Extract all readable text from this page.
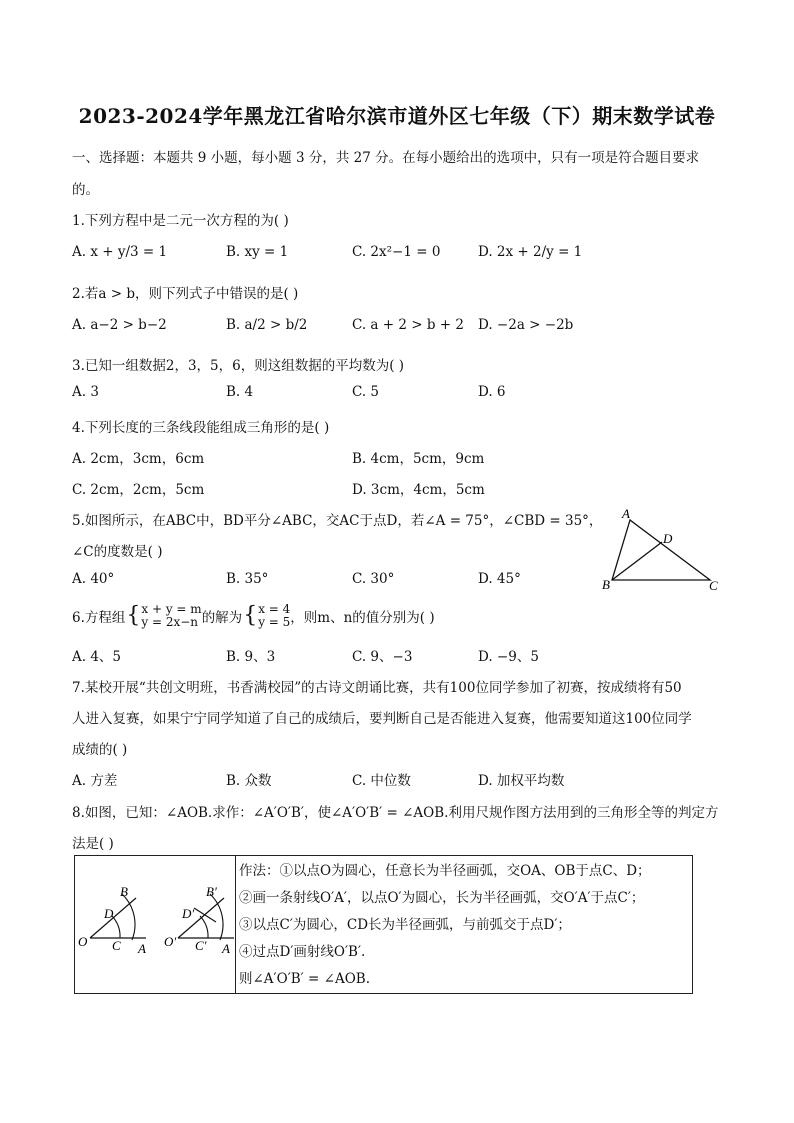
2023-2024学年黑龙江省哈尔滨市道外区七年级（下）期末数学试卷
一、选择题：本题共 9 小题，每小题 3 分，共 27 分。在每小题给出的选项中，只有一项是符合题目要求
的。
1.下列方程中是二元一次方程的为( )
A. x + y/3 = 1	B. xy = 1	C. 2x²−1 = 0	D. 2x + 2/y = 1
2.若a > b，则下列式子中错误的是( )
A. a−2 > b−2	B. a/2 > b/2	C. a + 2 > b + 2 D. −2a > −2b
3.已知一组数据2，3，5，6，则这组数据的平均数为( )
A. 3	B. 4	C. 5	D. 6
4.下列长度的三条线段能组成三角形的是( )
A. 2cm，3cm，6cm	B. 4cm，5cm，9cm
C. 2cm，2cm，5cm	D. 3cm，4cm，5cm
5.如图所示，在ABC中，BD平分∠ABC，交AC于点D，若∠A = 75°，∠CBD = 35°，
∠C的度数是( )
A. 40°	B. 35°	C. 30°	D. 45°
A
D
B	C
6.方程组 { x + y = m
y = 2x−n 的解为 { x = 4
y = 5 ，则m、n的值分别为( )
A. 4、5	B. 9、3	C. 9、−3	D. −9、5
7.某校开展“共创文明班，书香满校园”的古诗文朗诵比赛，共有100位同学参加了初赛，按成绩将有50
人进入复赛，如果宁宁同学知道了自己的成绩后，要判断自己是否能进入复赛，他需要知道这100位同学
成绩的( )
A. 方差	B. 众数	C. 中位数	D. 加权平均数
8.如图，已知：∠AOB.求作：∠A′O′B′，使∠A′O′B′ = ∠AOB.利用尺规作图方法用到的三角形全等的判定方
法是( )
作法：①以点O为圆心，任意长为半径画弧，交OA、OB于点C、D；
②画一条射线O′A′，以点O′为圆心，长为半径画弧，交O′A′于点C′；
③以点C′为圆心，CD长为半径画弧，与前弧交于点D′；
④过点D′画射线O′B′.
则∠A′O′B′ = ∠AOB.
O C A
D
B
O′ C′ A
D′
B′
